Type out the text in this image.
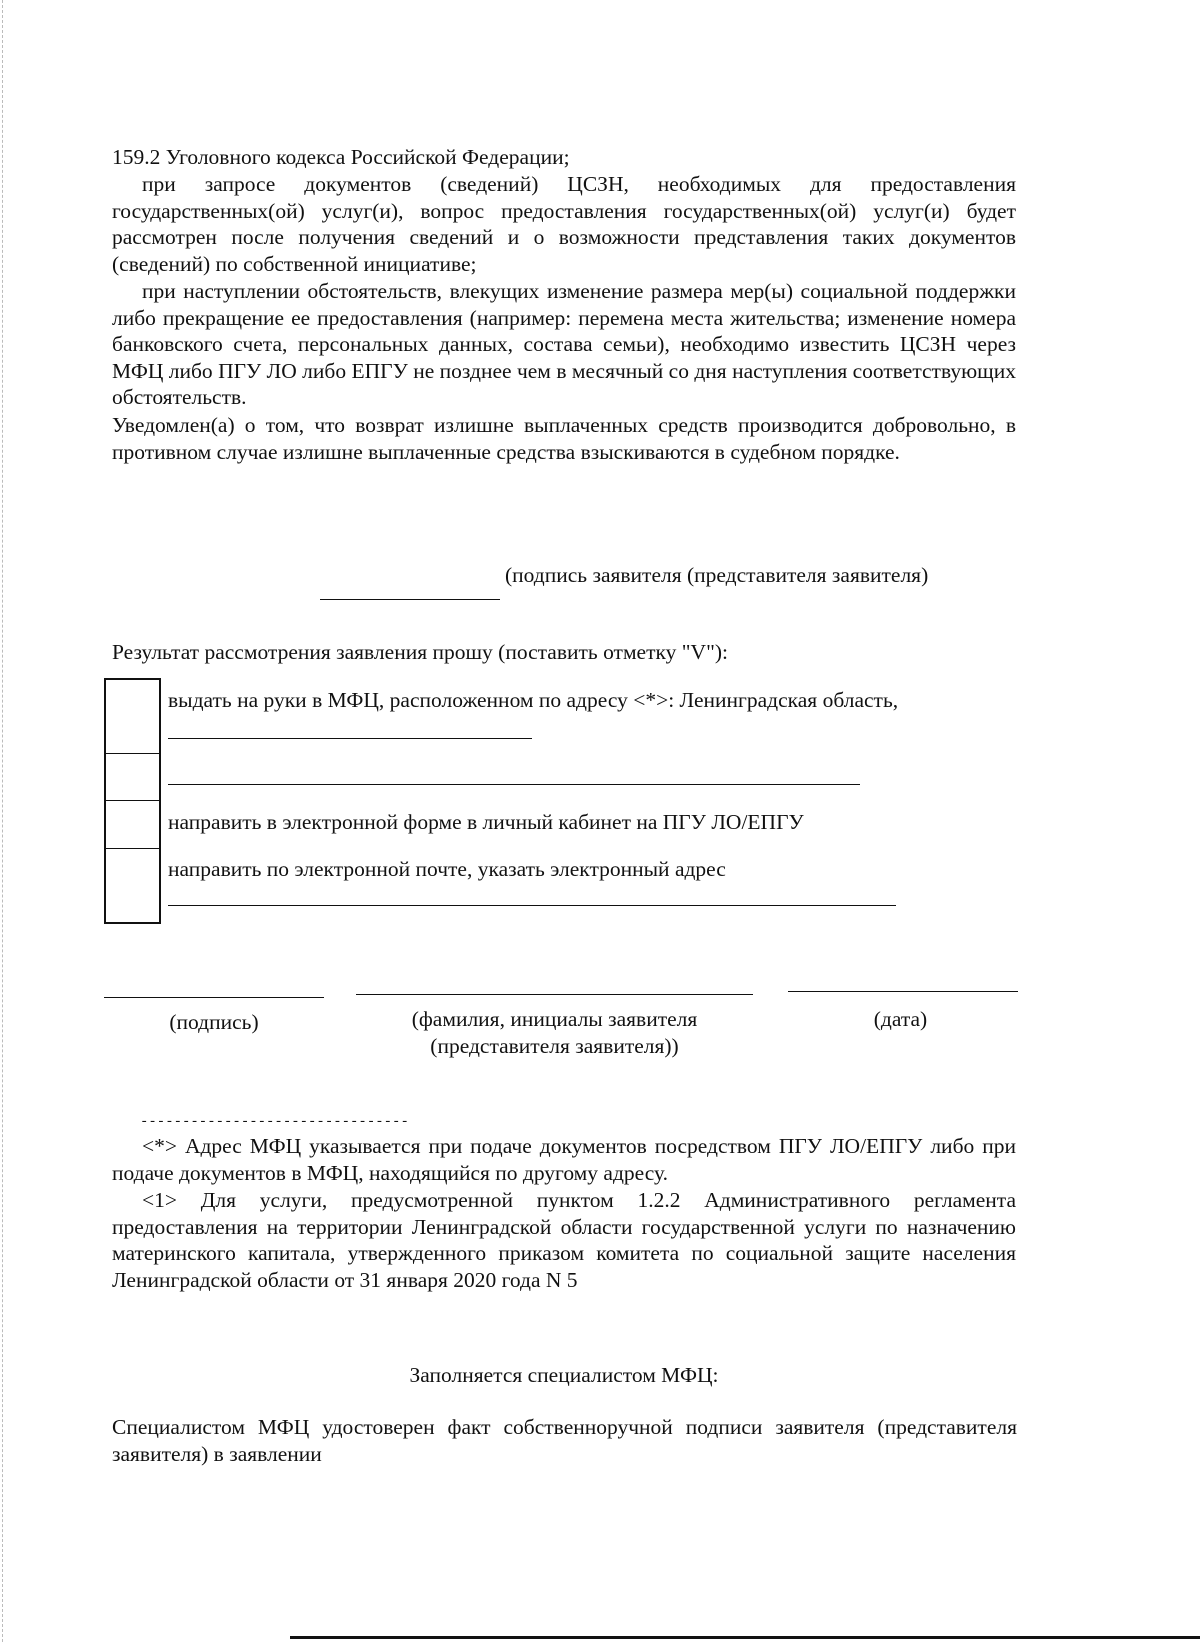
159.2 Уголовного кодекса Российской Федерации;
при запросе документов (сведений) ЦСЗН, необходимых для предоставления государственных(ой) услуг(и), вопрос предоставления государственных(ой) услуг(и) будет рассмотрен после получения сведений и о возможности представления таких документов (сведений) по собственной инициативе;
при наступлении обстоятельств, влекущих изменение размера мер(ы) социальной поддержки либо прекращение ее предоставления (например: перемена места жительства; изменение номера банковского счета, персональных данных, состава семьи), необходимо известить ЦСЗН через МФЦ либо ПГУ ЛО либо ЕПГУ не позднее чем в месячный со дня наступления соответствующих обстоятельств.
Уведомлен(а) о том, что возврат излишне выплаченных средств производится добровольно, в противном случае излишне выплаченные средства взыскиваются в судебном порядке.
(подпись заявителя (представителя заявителя)
Результат рассмотрения заявления прошу (поставить отметку "V"):
выдать на руки в МФЦ, расположенном по адресу <*>: Ленинградская область,
направить в электронной форме в личный кабинет на ПГУ ЛО/ЕПГУ
направить по электронной почте, указать электронный адрес
(подпись)	(фамилия, инициалы заявителя
(представителя заявителя))
(дата)
--------------------------------
<*> Адрес МФЦ указывается при подаче документов посредством ПГУ ЛО/ЕПГУ либо при подаче документов в МФЦ, находящийся по другому адресу.
<1> Для услуги, предусмотренной пунктом 1.2.2 Административного регламента предоставления на территории Ленинградской области государственной услуги по назначению материнского капитала, утвержденного приказом комитета по социальной защите населения Ленинградской области от 31 января 2020 года N 5
Заполняется специалистом МФЦ:
Специалистом МФЦ удостоверен факт собственноручной подписи заявителя (представителя заявителя) в заявлении
